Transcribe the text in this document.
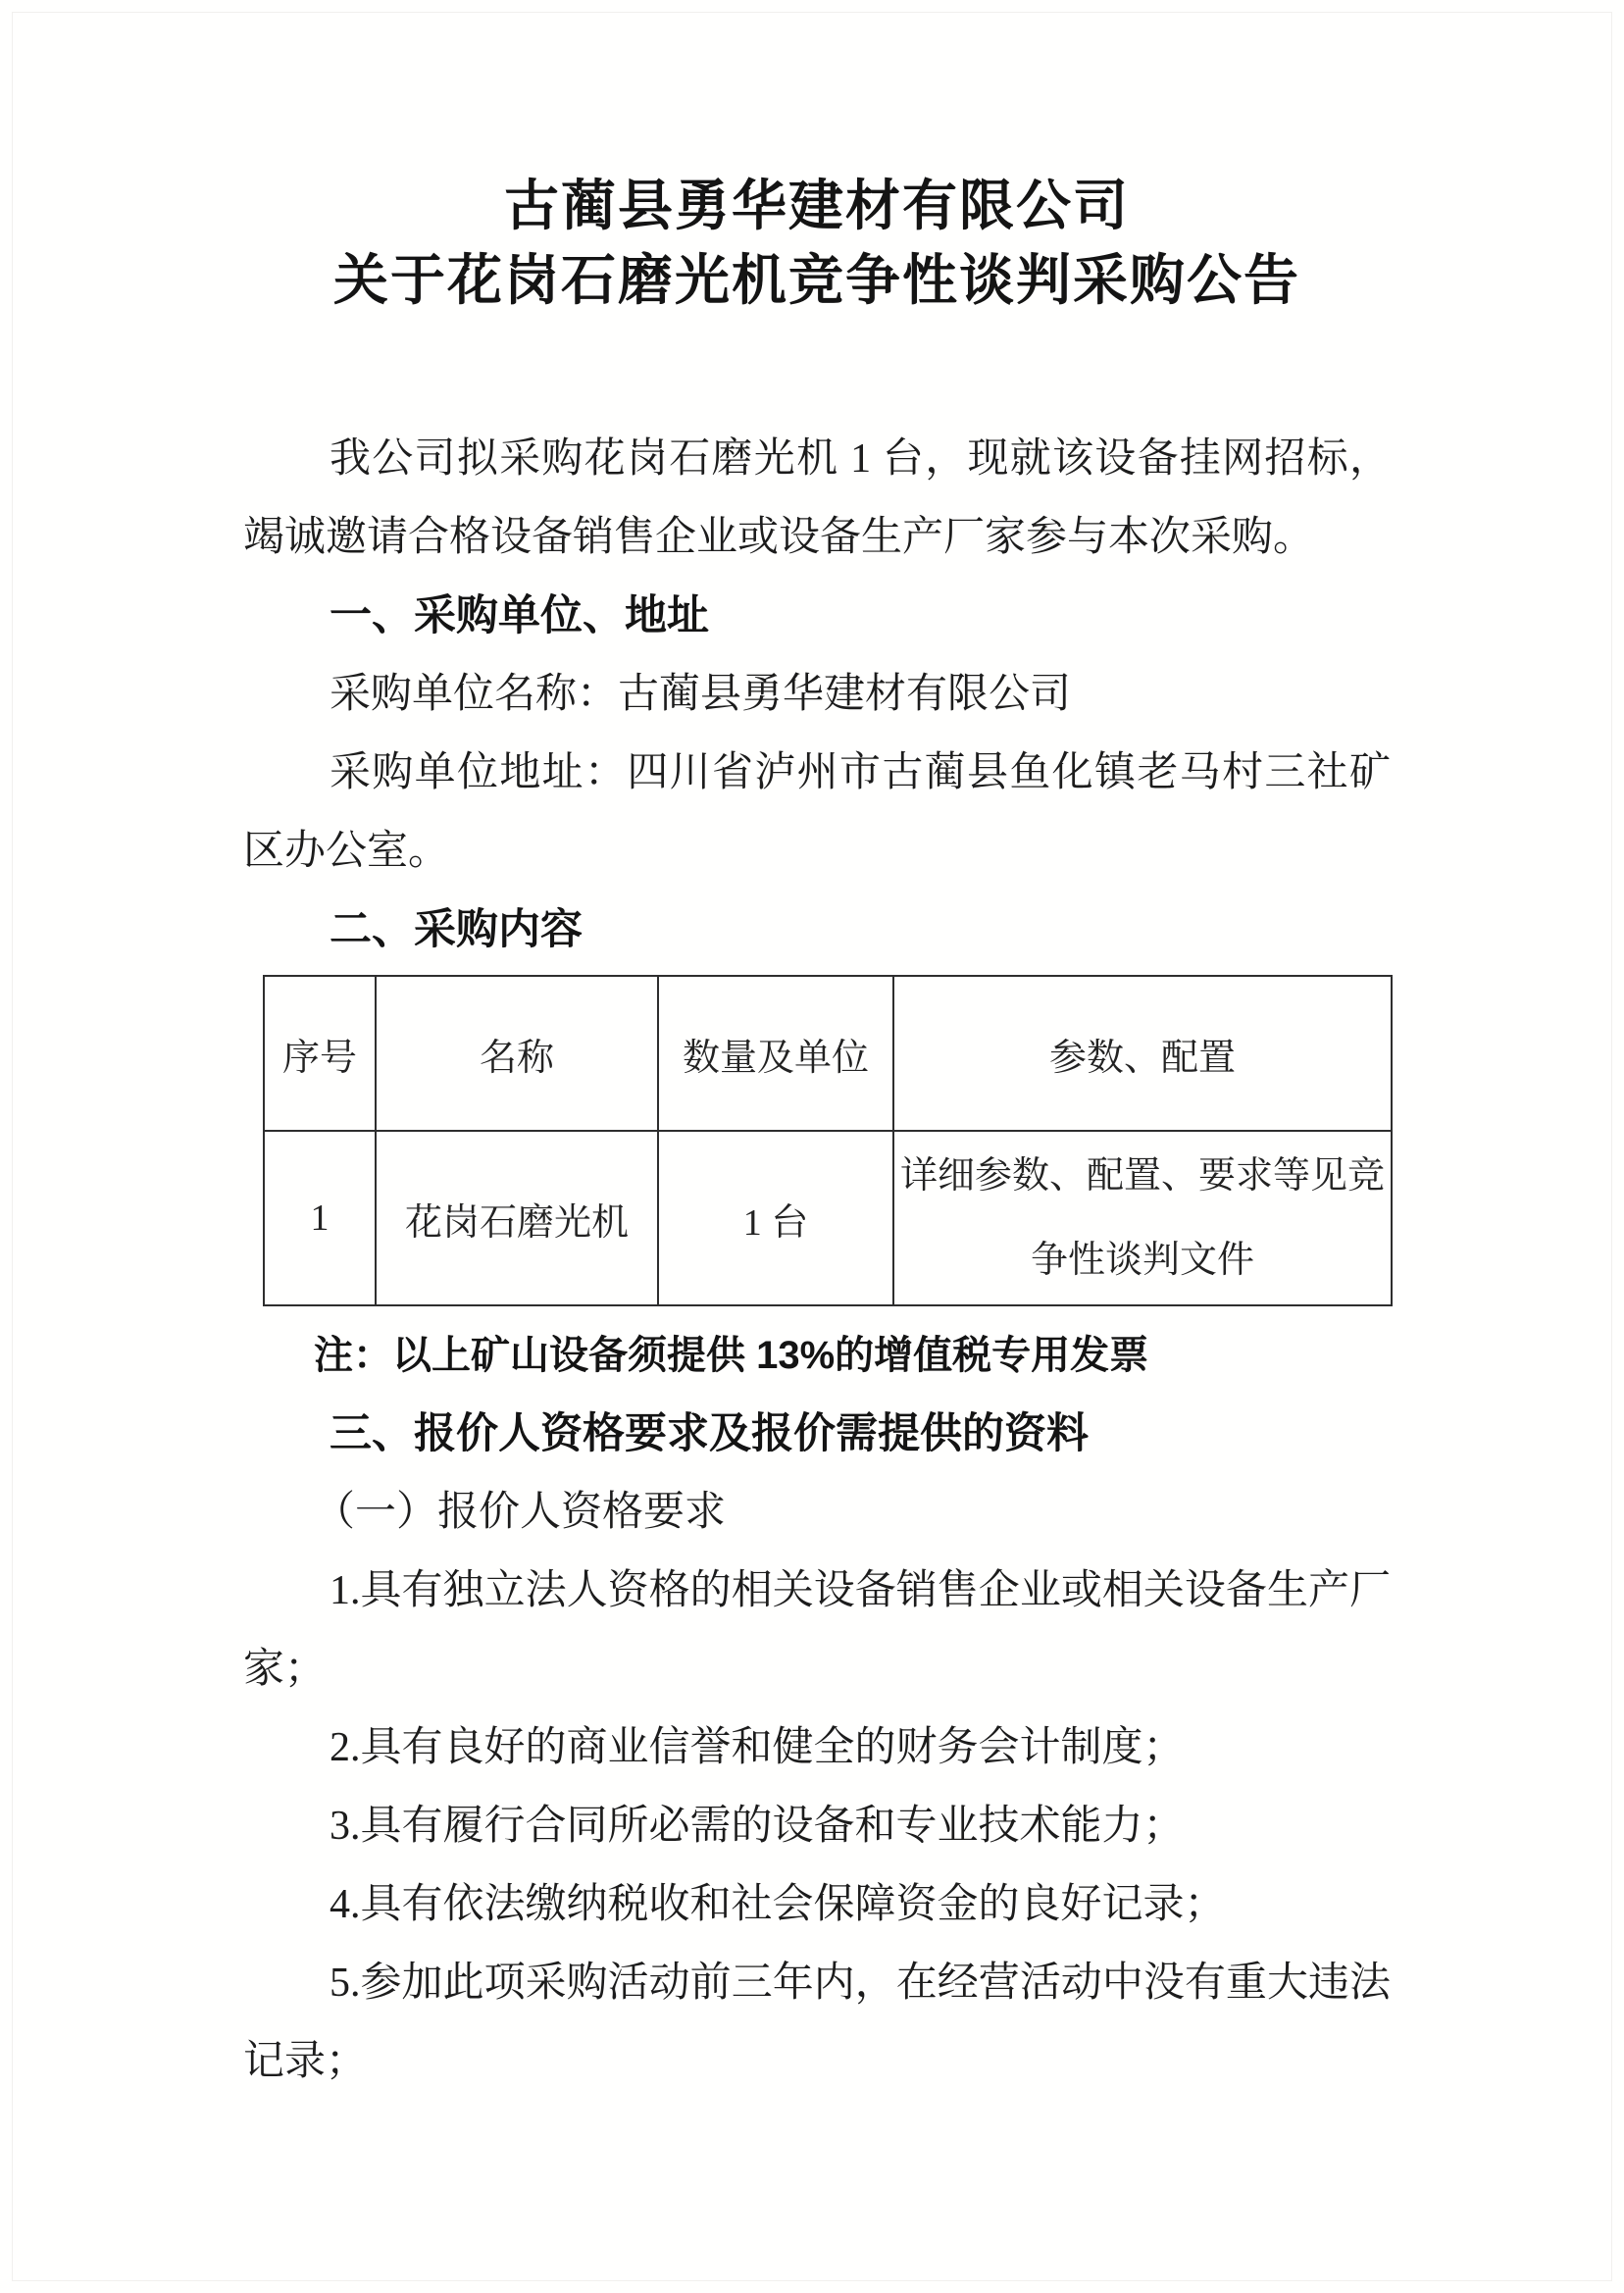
古蔺县勇华建材有限公司
关于花岗石磨光机竞争性谈判采购公告
我公司拟采购花岗石磨光机 1 台，现就该设备挂网招标，竭诚邀请合格设备销售企业或设备生产厂家参与本次采购。
一、采购单位、地址
采购单位名称：古蔺县勇华建材有限公司
采购单位地址：四川省泸州市古蔺县鱼化镇老马村三社矿区办公室。
二、采购内容
序号	名称	数量及单位	参数、配置
1	花岗石磨光机	1 台	详细参数、配置、要求等见竞争性谈判文件
注：以上矿山设备须提供 13%的增值税专用发票
三、报价人资格要求及报价需提供的资料
（一）报价人资格要求
1.具有独立法人资格的相关设备销售企业或相关设备生产厂家；
2.具有良好的商业信誉和健全的财务会计制度；
3.具有履行合同所必需的设备和专业技术能力；
4.具有依法缴纳税收和社会保障资金的良好记录；
5.参加此项采购活动前三年内，在经营活动中没有重大违法记录；
